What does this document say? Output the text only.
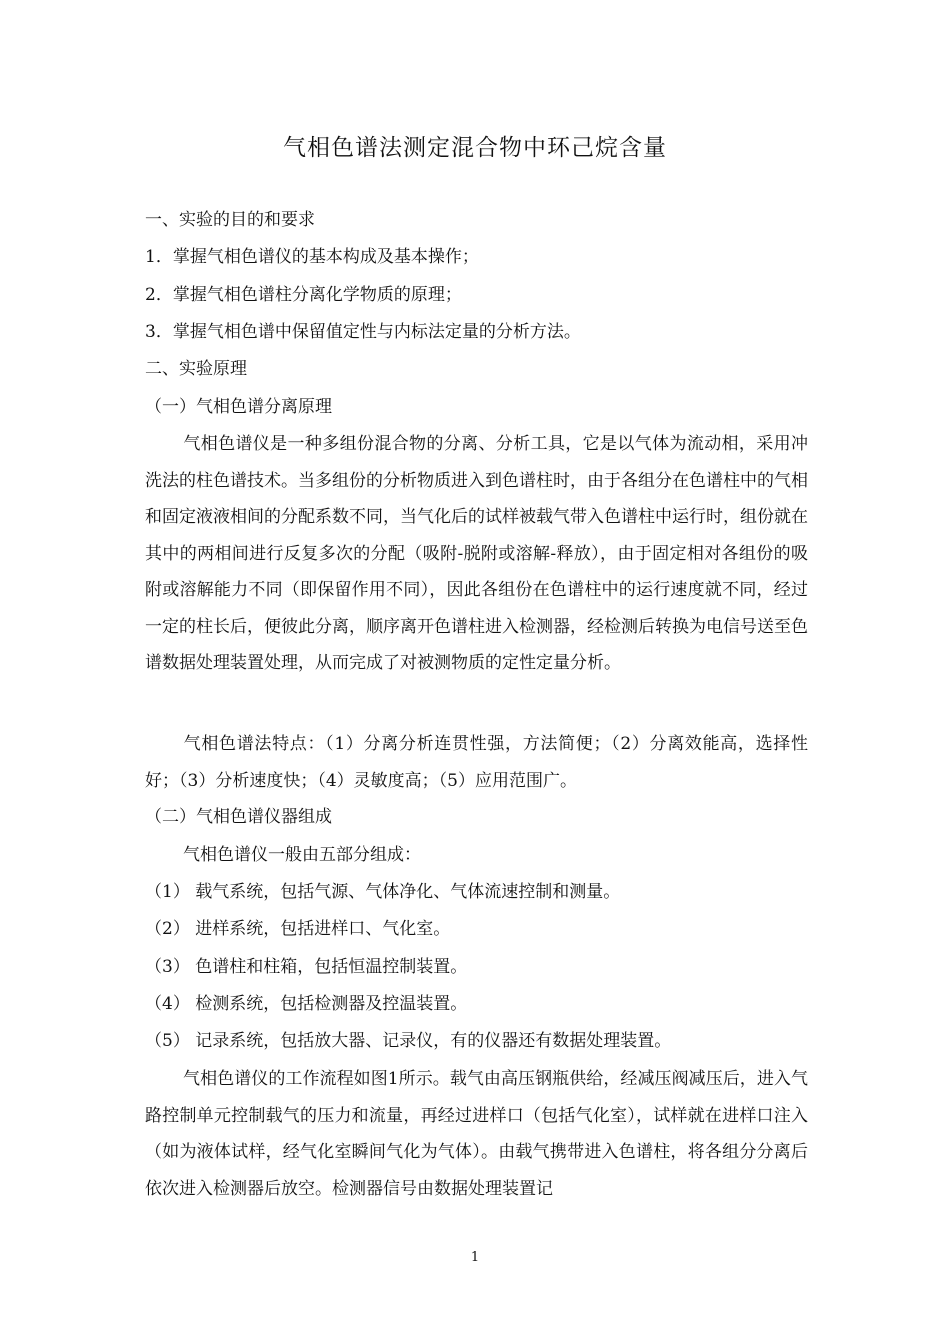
气相色谱法测定混合物中环己烷含量

一、实验的目的和要求

1．掌握气相色谱仪的基本构成及基本操作；

2．掌握气相色谱柱分离化学物质的原理；

3．掌握气相色谱中保留值定性与内标法定量的分析方法。

二、实验原理

（一）气相色谱分离原理

气相色谱仪是一种多组份混合物的分离、分析工具，它是以气体为流动相，采用冲洗法的柱色谱技术。当多组份的分析物质进入到色谱柱时，由于各组分在色谱柱中的气相和固定液液相间的分配系数不同，当气化后的试样被载气带入色谱柱中运行时，组份就在其中的两相间进行反复多次的分配（吸附-脱附或溶解-释放），由于固定相对各组份的吸附或溶解能力不同（即保留作用不同），因此各组份在色谱柱中的运行速度就不同，经过一定的柱长后，便彼此分离，顺序离开色谱柱进入检测器，经检测后转换为电信号送至色谱数据处理装置处理，从而完成了对被测物质的定性定量分析。

气相色谱法特点：（1）分离分析连贯性强，方法简便；（2）分离效能高，选择性好；（3）分析速度快；（4）灵敏度高；（5）应用范围广。

（二）气相色谱仪器组成

气相色谱仪一般由五部分组成：

（1） 载气系统，包括气源、气体净化、气体流速控制和测量。

（2） 进样系统，包括进样口、气化室。

（3） 色谱柱和柱箱，包括恒温控制装置。

（4） 检测系统，包括检测器及控温装置。

（5） 记录系统，包括放大器、记录仪，有的仪器还有数据处理装置。

气相色谱仪的工作流程如图1所示。载气由高压钢瓶供给，经减压阀减压后，进入气路控制单元控制载气的压力和流量，再经过进样口（包括气化室），试样就在进样口注入（如为液体试样，经气化室瞬间气化为气体）。由载气携带进入色谱柱，将各组分分离后依次进入检测器后放空。检测器信号由数据处理装置记

1
